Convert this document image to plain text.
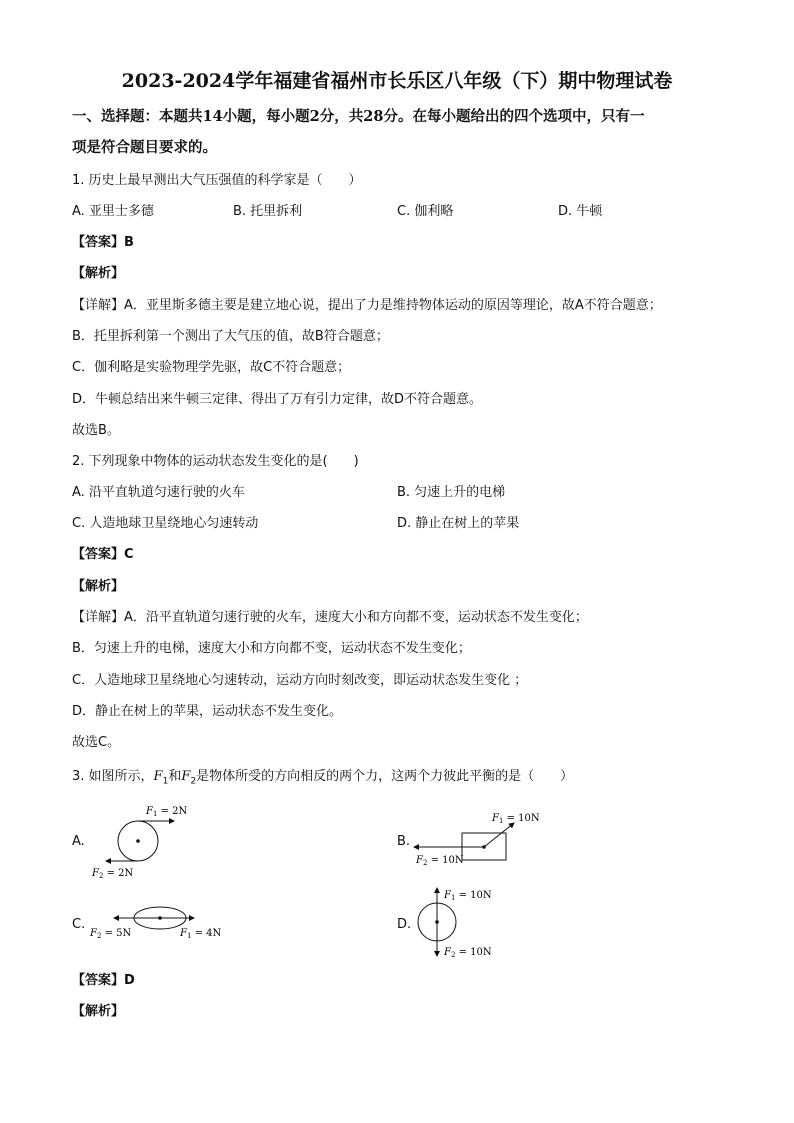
2023-2024学年福建省福州市长乐区八年级（下）期中物理试卷
一、选择题：本题共14小题，每小题2分，共28分。在每小题给出的四个选项中，只有一
项是符合题目要求的。
1. 历史上最早测出大气压强值的科学家是（　　）
A. 亚里士多德	B. 托里拆利	C. 伽利略	D. 牛顿
【答案】B
【解析】
【详解】A．亚里斯多德主要是建立地心说，提出了力是维持物体运动的原因等理论，故A不符合题意；
B．托里拆利第一个测出了大气压的值，故B符合题意；
C．伽利略是实验物理学先驱，故C不符合题意；
D．牛顿总结出来牛顿三定律、得出了万有引力定律，故D不符合题意。
故选B。
2. 下列现象中物体的运动状态发生变化的是(　　)
A. 沿平直轨道匀速行驶的火车	B. 匀速上升的电梯
C. 人造地球卫星绕地心匀速转动	D. 静止在树上的苹果
【答案】C
【解析】
【详解】A．沿平直轨道匀速行驶的火车，速度大小和方向都不变，运动状态不发生变化；
B．匀速上升的电梯，速度大小和方向都不变，运动状态不发生变化；
C．人造地球卫星绕地心匀速转动，运动方向时刻改变，即运动状态发生变化 ；
D．静止在树上的苹果，运动状态不发生变化。
故选C。
3. 如图所示，$F_1$和$F_2$是物体所受的方向相反的两个力，这两个力彼此平衡的是（　　）
A.	B.
C.	D.
$F_1 = 2N$
$F_2 = 2N$
$F_1 = 10N$
$F_2 = 10N$
$F_2 = 5N$	$F_1 = 4N$
$F_1 = 10N$
$F_2 = 10N$
【答案】D
【解析】
